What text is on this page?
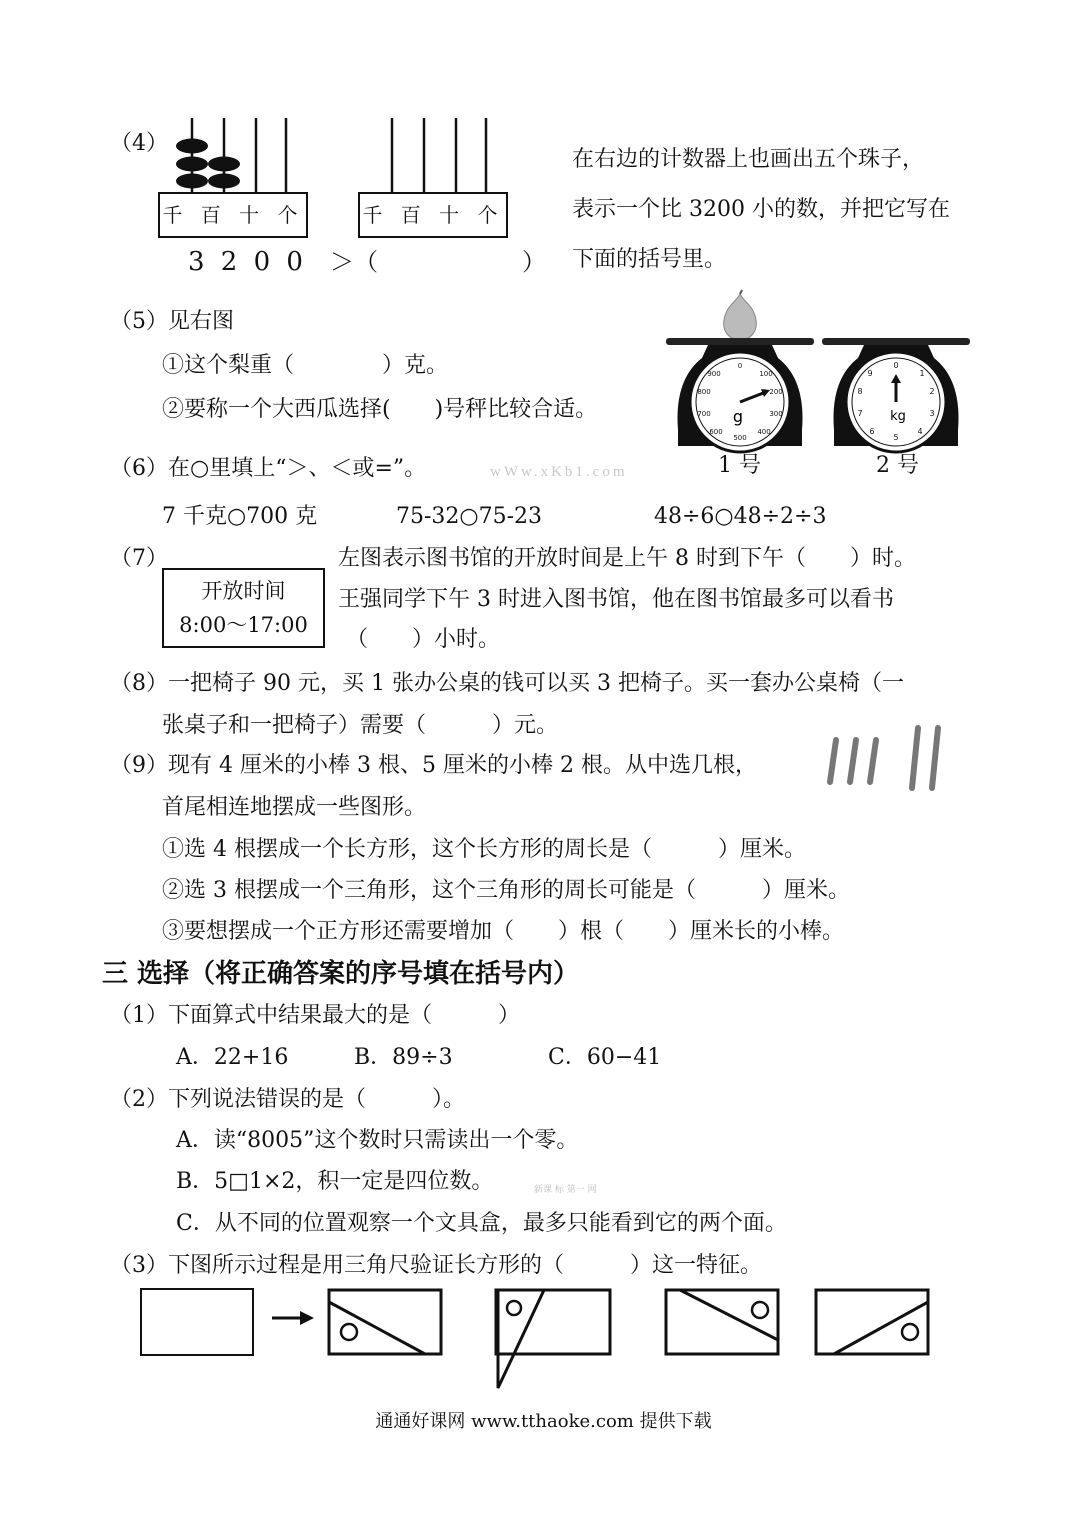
（4）
千 百 十 个	千 百 十 个
3 2 0 0 ＞（　　　　　　）
在右边的计数器上也画出五个珠子，
表示一个比 3200 小的数，并把它写在
下面的括号里。
（5）见右图
①这个梨重（　　　　）克。
②要称一个大西瓜选择(　　)号秤比较合适。
0
100
200
300
400
500
600
700
800
900
g
0
1
2
3
4
5
6
7
8
9
kg
1 号	2 号
（6）在○里填上“＞、＜或=”。	wWw.xKb1.com
7 千克○700 克	75-32○75-23	48÷6○48÷2÷3
（7）
开放时间
8:00～17:00
左图表示图书馆的开放时间是上午 8 时到下午（　　）时。
王强同学下午 3 时进入图书馆，他在图书馆最多可以看书
（　　）小时。
（8）一把椅子 90 元，买 1 张办公桌的钱可以买 3 把椅子。买一套办公桌椅（一
张桌子和一把椅子）需要（　　　）元。
（9）现有 4 厘米的小棒 3 根、5 厘米的小棒 2 根。从中选几根，
首尾相连地摆成一些图形。
①选 4 根摆成一个长方形，这个长方形的周长是（　　　）厘米。
②选 3 根摆成一个三角形，这个三角形的周长可能是（　　　）厘米。
③要想摆成一个正方形还需要增加（　　）根（　　）厘米长的小棒。
三 选择（将正确答案的序号填在括号内）
（1）下面算式中结果最大的是（　　　）
A．22+16	B．89÷3	C．60−41
（2）下列说法错误的是（　　　）。
A．读“8005”这个数时只需读出一个零。
B．5□1×2，积一定是四位数。	新课 标 第一 网
C．从不同的位置观察一个文具盒，最多只能看到它的两个面。
（3）下图所示过程是用三角尺验证长方形的（　　　）这一特征。
通通好课网 www.tthaoke.com 提供下载
